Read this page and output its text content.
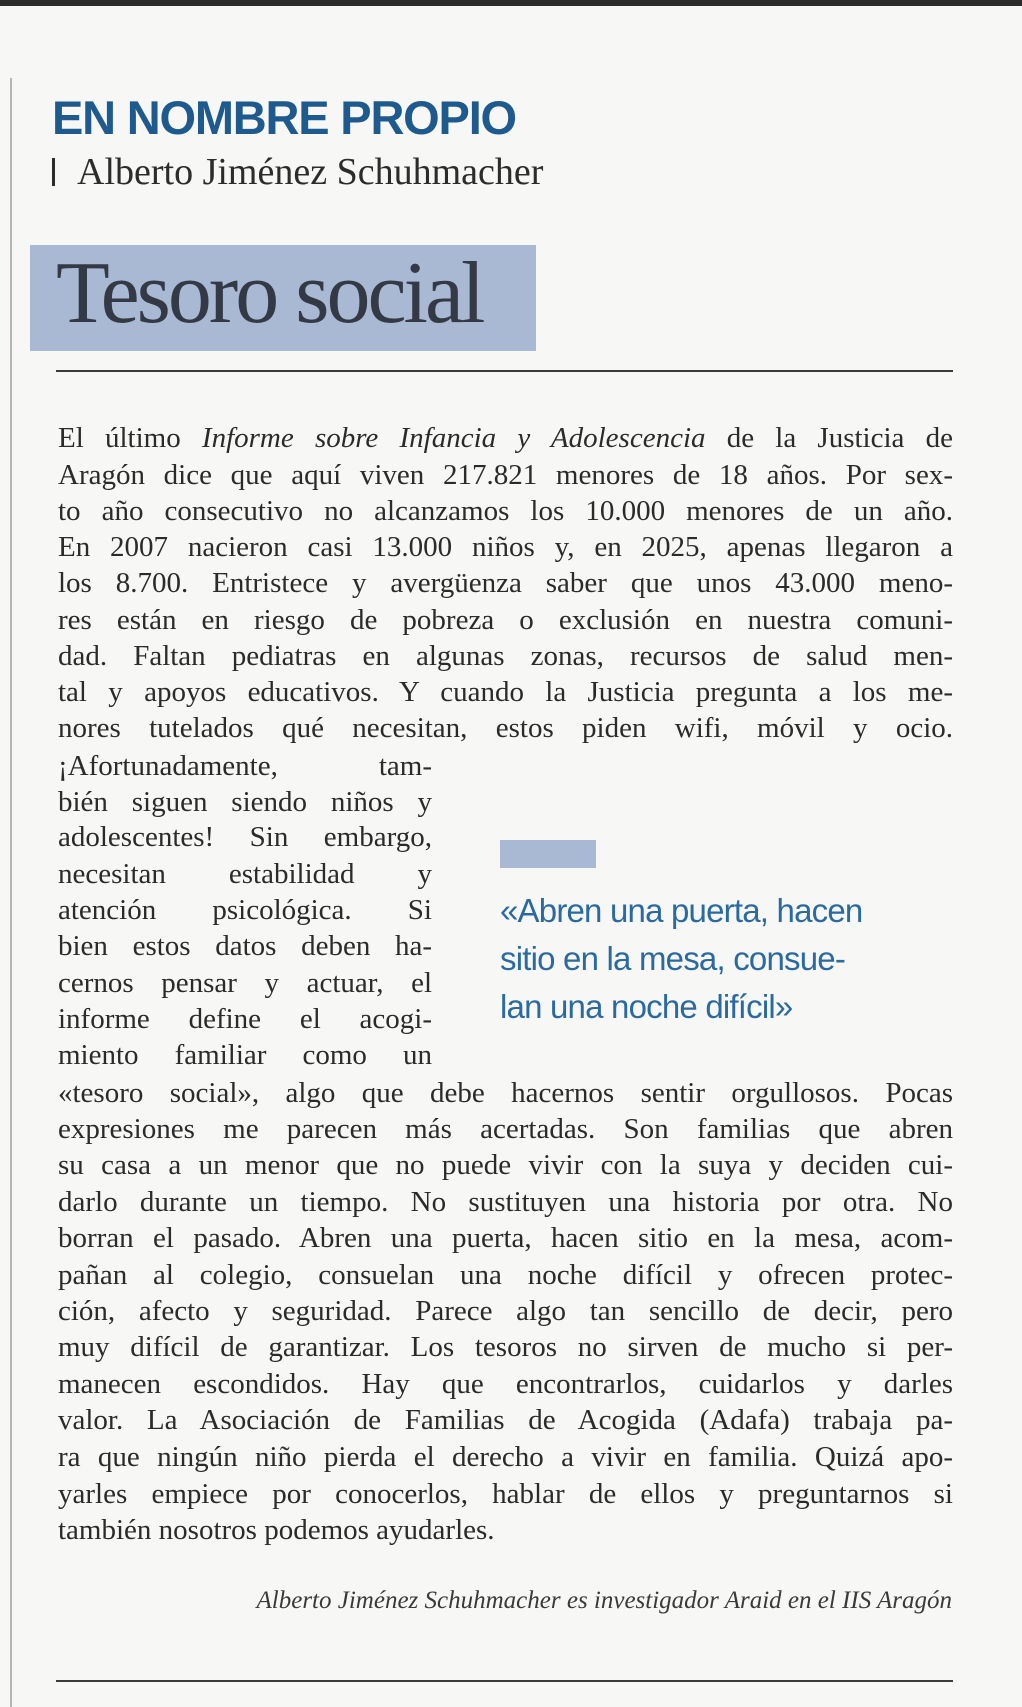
EN NOMBRE PROPIO
Alberto Jiménez Schuhmacher
Tesoro social
El último Informe sobre Infancia y Adolescencia de la Justicia de
Aragón dice que aquí viven 217.821 menores de 18 años. Por sex-
to año consecutivo no alcanzamos los 10.000 menores de un año.
En 2007 nacieron casi 13.000 niños y, en 2025, apenas llegaron a
los 8.700. Entristece y avergüenza saber que unos 43.000 meno-
res están en riesgo de pobreza o exclusión en nuestra comuni-
dad. Faltan pediatras en algunas zonas, recursos de salud men-
tal y apoyos educativos. Y cuando la Justicia pregunta a los me-
nores tutelados qué necesitan, estos piden wifi, móvil y ocio.
¡Afortunadamente, tam-
bién siguen siendo niños y
adolescentes! Sin embargo,
necesitan estabilidad y
atención psicológica. Si
bien estos datos deben ha-
cernos pensar y actuar, el
informe define el acogi-
miento familiar como un
«tesoro social», algo que debe hacernos sentir orgullosos. Pocas
expresiones me parecen más acertadas. Son familias que abren
su casa a un menor que no puede vivir con la suya y deciden cui-
darlo durante un tiempo. No sustituyen una historia por otra. No
borran el pasado. Abren una puerta, hacen sitio en la mesa, acom-
pañan al colegio, consuelan una noche difícil y ofrecen protec-
ción, afecto y seguridad. Parece algo tan sencillo de decir, pero
muy difícil de garantizar. Los tesoros no sirven de mucho si per-
manecen escondidos. Hay que encontrarlos, cuidarlos y darles
valor. La Asociación de Familias de Acogida (Adafa) trabaja pa-
ra que ningún niño pierda el derecho a vivir en familia. Quizá apo-
yarles empiece por conocerlos, hablar de ellos y preguntarnos si
también nosotros podemos ayudarles.
«Abren una puerta, hacen
sitio en la mesa, consue-
lan una noche difícil»
Alberto Jiménez Schuhmacher es investigador Araid en el IIS Aragón
